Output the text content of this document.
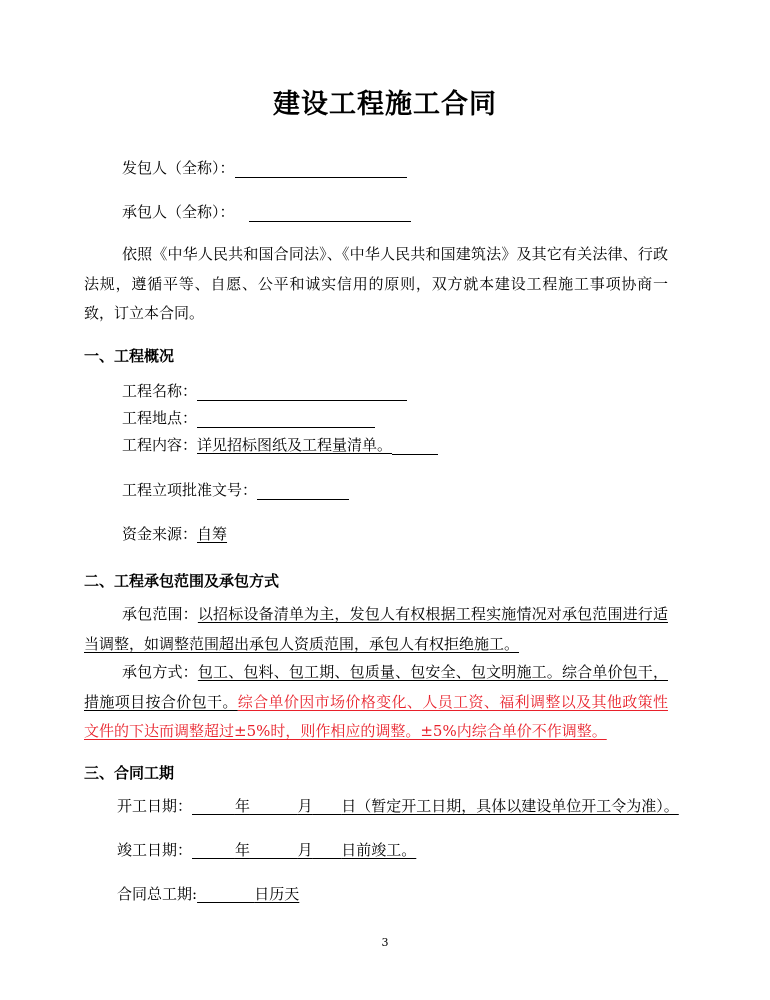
建设工程施工合同
发包人（全称）：
承包人（全称）：
依照《中华人民共和国合同法》、《中华人民共和国建筑法》及其它有关法律、行政法规，遵循平等、自愿、公平和诚实信用的原则，双方就本建设工程施工事项协商一致，订立本合同。
一、工程概况
工程名称：
工程地点：
工程内容：详见招标图纸及工程量清单。
工程立项批准文号：
资金来源：自筹
二、工程承包范围及承包方式
承包范围：以招标设备清单为主，发包人有权根据工程实施情况对承包范围进行适当调整，如调整范围超出承包人资质范围，承包人有权拒绝施工。
承包方式：包工、包料、包工期、包质量、包安全、包文明施工。综合单价包干，措施项目按合价包干。综合单价因市场价格变化、人员工资、福利调整以及其他政策性文件的下达而调整超过±5%时，则作相应的调整。±5%内综合单价不作调整。
三、合同工期
开工日期：	年	月 日（暂定开工日期，具体以建设单位开工令为准）。
竣工日期：	年	月 日前竣工。
合同总工期:	日历天
3
